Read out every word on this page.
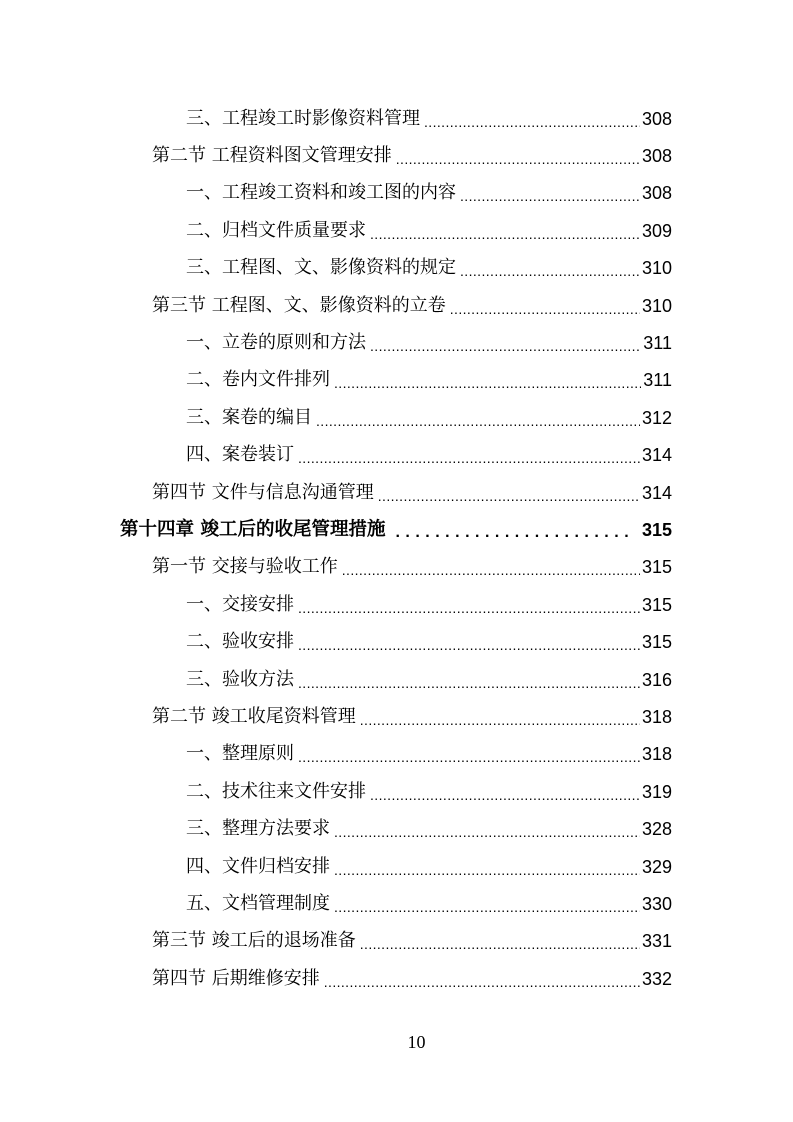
三、工程竣工时影像资料管理 .....	308
第二节 工程资料图文管理安排 .....	308
一、工程竣工资料和竣工图的内容 .....	308
二、归档文件质量要求 .....	309
三、工程图、文、影像资料的规定 .....	310
第三节 工程图、文、影像资料的立卷 .....	310
一、立卷的原则和方法 .....	311
二、卷内文件排列 .....	311
三、案卷的编目 .....	312
四、案卷装订 .....	314
第四节 文件与信息沟通管理 .....	314
第十四章 竣工后的收尾管理措施 .....	315
第一节 交接与验收工作 .....	315
一、交接安排 .....	315
二、验收安排 .....	315
三、验收方法 .....	316
第二节 竣工收尾资料管理 .....	318
一、整理原则 .....	318
二、技术往来文件安排 .....	319
三、整理方法要求 .....	328
四、文件归档安排 .....	329
五、文档管理制度 .....	330
第三节 竣工后的退场准备 .....	331
第四节 后期维修安排 .....	332
10
